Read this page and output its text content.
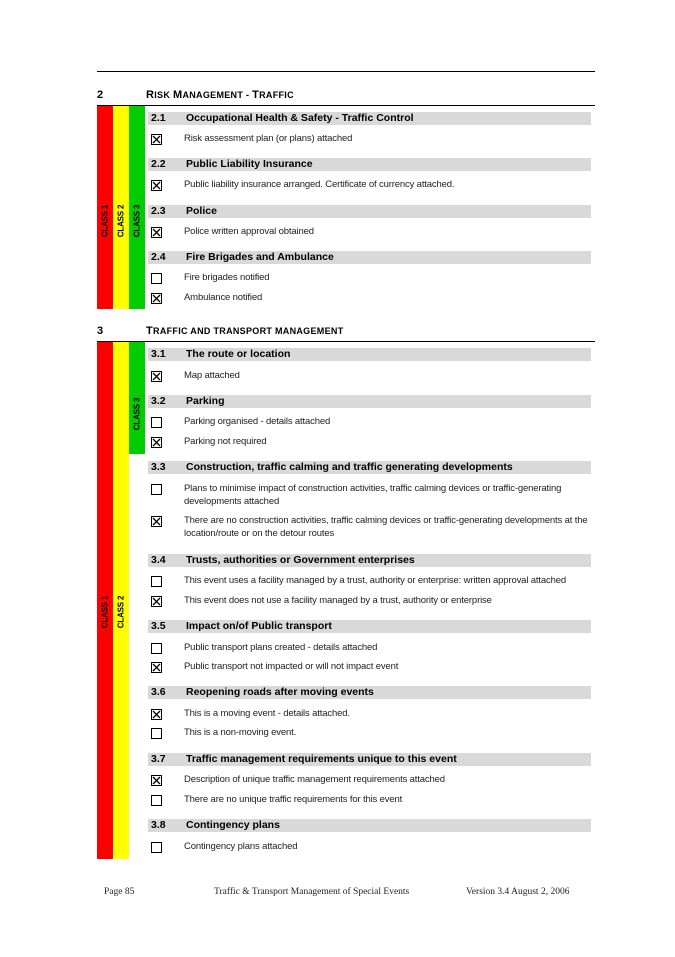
2	RISK MANAGEMENT - TRAFFIC
CLASS 1 CLASS 2 CLASS 3
2.1 Occupational Health & Safety - Traffic Control
Risk assessment plan (or plans) attached
2.2 Public Liability Insurance
Public liability insurance arranged. Certificate of currency attached.
2.3 Police
Police written approval obtained
2.4 Fire Brigades and Ambulance
Fire brigades notified
Ambulance notified
3	TRAFFIC AND TRANSPORT MANAGEMENT
CLASS 1 CLASS 2
CLASS 3
3.1 The route or location
Map attached
3.2 Parking
Parking organised - details attached
Parking not required
3.3 Construction, traffic calming and traffic generating developments
Plans to minimise impact of construction activities, traffic calming devices or traffic-generating developments attached
There are no construction activities, traffic calming devices or traffic-generating developments at the location/route or on the detour routes
3.4 Trusts, authorities or Government enterprises
This event uses a facility managed by a trust, authority or enterprise: written approval attached
This event does not use a facility managed by a trust, authority or enterprise
3.5 Impact on/of Public transport
Public transport plans created - details attached
Public transport not impacted or will not impact event
3.6 Reopening roads after moving events
This is a moving event - details attached.
This is a non-moving event.
3.7 Traffic management requirements unique to this event
Description of unique traffic management requirements attached
There are no unique traffic requirements for this event
3.8 Contingency plans
Contingency plans attached
Page 85	Traffic & Transport Management of Special Events	Version 3.4 August 2, 2006
